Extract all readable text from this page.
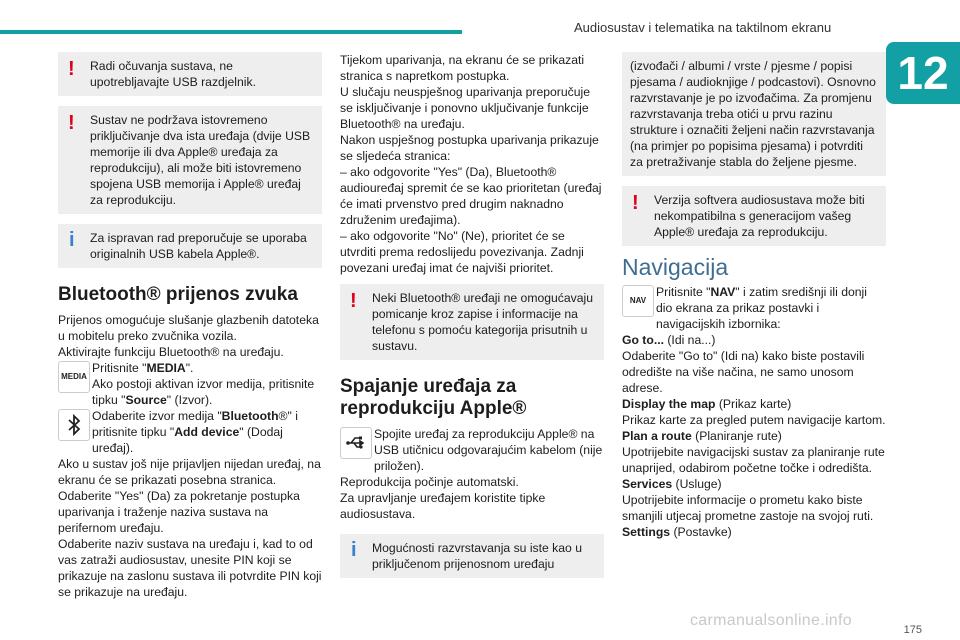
Audiosustav i telematika na taktilnom ekranu
12
! Radi očuvanja sustava, ne upotrebljavajte USB razdjelnik.
! Sustav ne podržava istovremeno priključivanje dva ista uređaja (dvije USB memorije ili dva Apple® uređaja za reprodukciju), ali može biti istovremeno spojena USB memorija i Apple® uređaj za reprodukciju.
i Za ispravan rad preporučuje se uporaba originalnih USB kabela Apple®.
Bluetooth® prijenos zvuka

Prijenos omogućuje slušanje glazbenih datoteka u mobitelu preko zvučnika vozila.

Aktivirajte funkciju Bluetooth® na uređaju.

MEDIA

Pritisnite "MEDIA".

Ako postoji aktivan izvor medija, pritisnite tipku "Source" (Izvor).

Odaberite izvor medija "Bluetooth®" i pritisnite tipku "Add device" (Dodaj uređaj).

Ako u sustav još nije prijavljen nijedan uređaj, na ekranu će se prikazati posebna stranica.

Odaberite "Yes" (Da) za pokretanje postupka uparivanja i traženje naziva sustava na perifernom uređaju.

Odaberite naziv sustava na uređaju i, kad to od vas zatraži audiosustav, unesite PIN koji se prikazuje na zaslonu sustava ili potvrdite PIN koji se prikazuje na uređaju.

Tijekom uparivanja, na ekranu će se prikazati stranica s napretkom postupka.

U slučaju neuspješnog uparivanja preporučuje se isključivanje i ponovno uključivanje funkcije Bluetooth® na uređaju.

Nakon uspješnog postupka uparivanja prikazuje se sljedeća stranica:

– ako odgovorite "Yes" (Da), Bluetooth® audiouređaj spremit će se kao prioritetan (uređaj će imati prvenstvo pred drugim naknadno združenim uređajima).

– ako odgovorite "No" (Ne), prioritet će se utvrditi prema redoslijedu povezivanja. Zadnji povezani uređaj imat će najviši prioritet.

! Neki Bluetooth® uređaji ne omogućavaju pomicanje kroz zapise i informacije na telefonu s pomoću kategorija prisutnih u sustavu.
Spajanje uređaja za reprodukciju Apple®

Spojite uređaj za reprodukciju Apple® na USB utičnicu odgovarajućim kabelom (nije priložen).

Reprodukcija počinje automatski.

Za upravljanje uređajem koristite tipke audiosustava.

i Mogućnosti razvrstavanja su iste kao u priključenom prijenosnom uređaju
(izvođači / albumi / vrste / pjesme / popisi pjesama / audioknjige / podcastovi). Osnovno razvrstavanje je po izvođačima. Za promjenu razvrstavanja treba otići u prvu razinu strukture i označiti željeni način razvrstavanja (na primjer po popisima pjesama) i potvrditi za pretraživanje stabla do željene pjesme.
! Verzija softvera audiosustava može biti nekompatibilna s generacijom vašeg Apple® uređaja za reprodukciju.
Navigacija
NAV

Pritisnite "NAV" i zatim središnji ili donji dio ekrana za prikaz postavki i navigacijskih izbornika:

Go to... (Idi na...)

Odaberite "Go to" (Idi na) kako biste postavili odredište na više načina, ne samo unosom adrese.

Display the map (Prikaz karte)

Prikaz karte za pregled putem navigacije kartom.

Plan a route (Planiranje rute)

Upotrijebite navigacijski sustav za planiranje rute unaprijed, odabirom početne točke i odredišta.

Services (Usluge)

Upotrijebite informacije o prometu kako biste smanjili utjecaj prometne zastoje na svojoj ruti.

Settings (Postavke)

175
carmanualsonline.info
